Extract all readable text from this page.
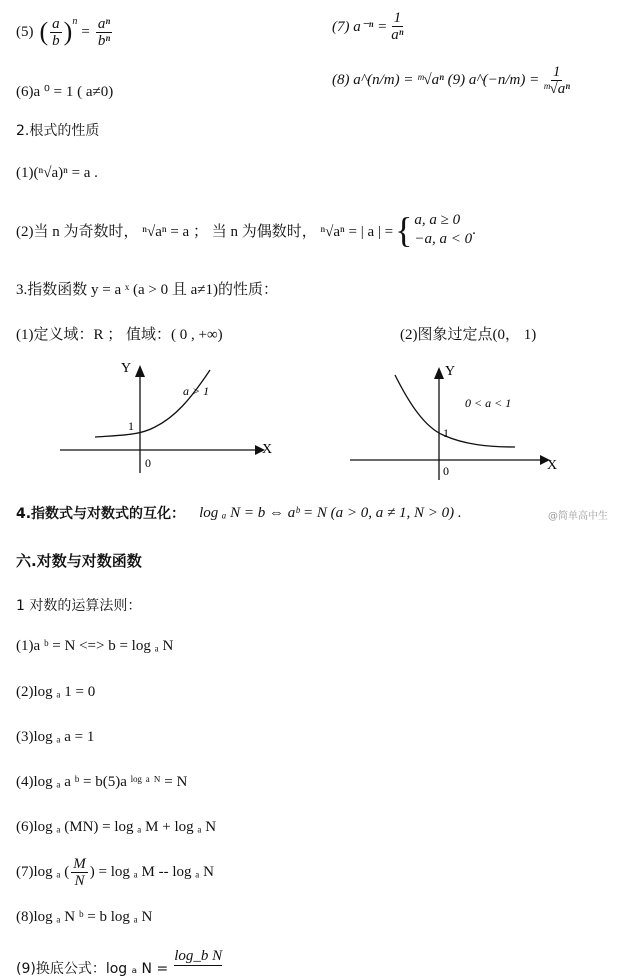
(5) ( $\frac{a}{b}$ ) n
= $\frac{\text{aⁿ}}{\text{bⁿ}}$	(7) $a^{-n} = \frac{1}{\text{aⁿ}}$
(6)a ⁰ = 1 ( a≠0)
(8) a^(n/m) = ᵐ√aⁿ (9) a^(−n/m) = $\frac{1}{\text{ᵐ√aⁿ}}$
2.根式的性质
(1)(ⁿ√a)ⁿ = a .
(2)当 n 为奇数时， ⁿ√aⁿ = a ； 当 n 为偶数时， ⁿ√aⁿ = | a | = { a, a ≥ 0
−a, a < 0
.
3.指数函数 y = a ˣ (a > 0 且 a≠1)的性质：
(1)定义域：R ； 值域：( 0 , +∞)	(2)图象过定点(0， 1)
Y
X
0
1
a > 1
Y
X
0
1
0 < a < 1
4.指数式与对数式的互化： log ₐ N = b ⇔ aᵇ = N (a > 0, a ≠ 1, N > 0) .	@简单高中生
六.对数与对数函数
1 对数的运算法则：
(1)a ᵇ = N <=> b = log ₐ N
(2)log ₐ 1 = 0
(3)log ₐ a = 1
(4)log ₐ a ᵇ = b(5)a ˡᵒᵍ ᵃ ᴺ = N
(6)log ₐ (MN) = log ₐ M + log ₐ N
(7)log ₐ ( $\frac{M}{N}$ ) = log ₐ M -- log ₐ N
(8)log ₐ N ᵇ = b log ₐ N
(9)换底公式：log ₐ N =
log_b N
